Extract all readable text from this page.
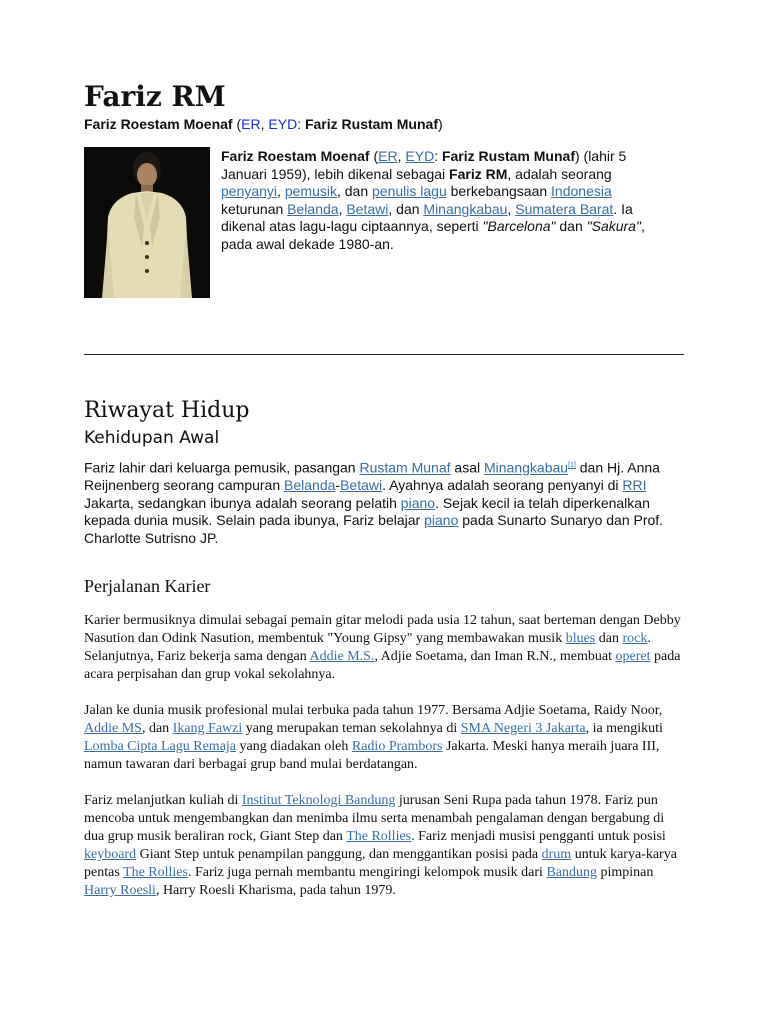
Fariz RM
Fariz Roestam Moenaf (ER, EYD: Fariz Rustam Munaf)
Fariz Roestam Moenaf (ER, EYD: Fariz Rustam Munaf) (lahir 5 Januari 1959), lebih dikenal sebagai Fariz RM, adalah seorang penyanyi, pemusik, dan penulis lagu berkebangsaan Indonesia keturunan Belanda, Betawi, dan Minangkabau, Sumatera Barat. Ia dikenal atas lagu-lagu ciptaannya, seperti "Barcelona" dan "Sakura", pada awal dekade 1980-an.
Riwayat Hidup
Kehidupan Awal

Fariz lahir dari keluarga pemusik, pasangan Rustam Munaf asal Minangkabau[1] dan Hj. Anna Reijnenberg seorang campuran Belanda-Betawi. Ayahnya adalah seorang penyanyi di RRI Jakarta, sedangkan ibunya adalah seorang pelatih piano. Sejak kecil ia telah diperkenalkan kepada dunia musik. Selain pada ibunya, Fariz belajar piano pada Sunarto Sunaryo dan Prof. Charlotte Sutrisno JP.

Perjalanan Karier

Karier bermusiknya dimulai sebagai pemain gitar melodi pada usia 12 tahun, saat berteman dengan Debby Nasution dan Odink Nasution, membentuk "Young Gipsy" yang membawakan musik blues dan rock. Selanjutnya, Fariz bekerja sama dengan Addie M.S., Adjie Soetama, dan Iman R.N., membuat operet pada acara perpisahan dan grup vokal sekolahnya.

Jalan ke dunia musik profesional mulai terbuka pada tahun 1977. Bersama Adjie Soetama, Raidy Noor, Addie MS, dan Ikang Fawzi yang merupakan teman sekolahnya di SMA Negeri 3 Jakarta, ia mengikuti Lomba Cipta Lagu Remaja yang diadakan oleh Radio Prambors Jakarta. Meski hanya meraih juara III, namun tawaran dari berbagai grup band mulai berdatangan.

Fariz melanjutkan kuliah di Institut Teknologi Bandung jurusan Seni Rupa pada tahun 1978. Fariz pun mencoba untuk mengembangkan dan menimba ilmu serta menambah pengalaman dengan bergabung di dua grup musik beraliran rock, Giant Step dan The Rollies. Fariz menjadi musisi pengganti untuk posisi keyboard Giant Step untuk penampilan panggung, dan menggantikan posisi pada drum untuk karya-karya pentas The Rollies. Fariz juga pernah membantu mengiringi kelompok musik dari Bandung pimpinan Harry Roesli, Harry Roesli Kharisma, pada tahun 1979.
